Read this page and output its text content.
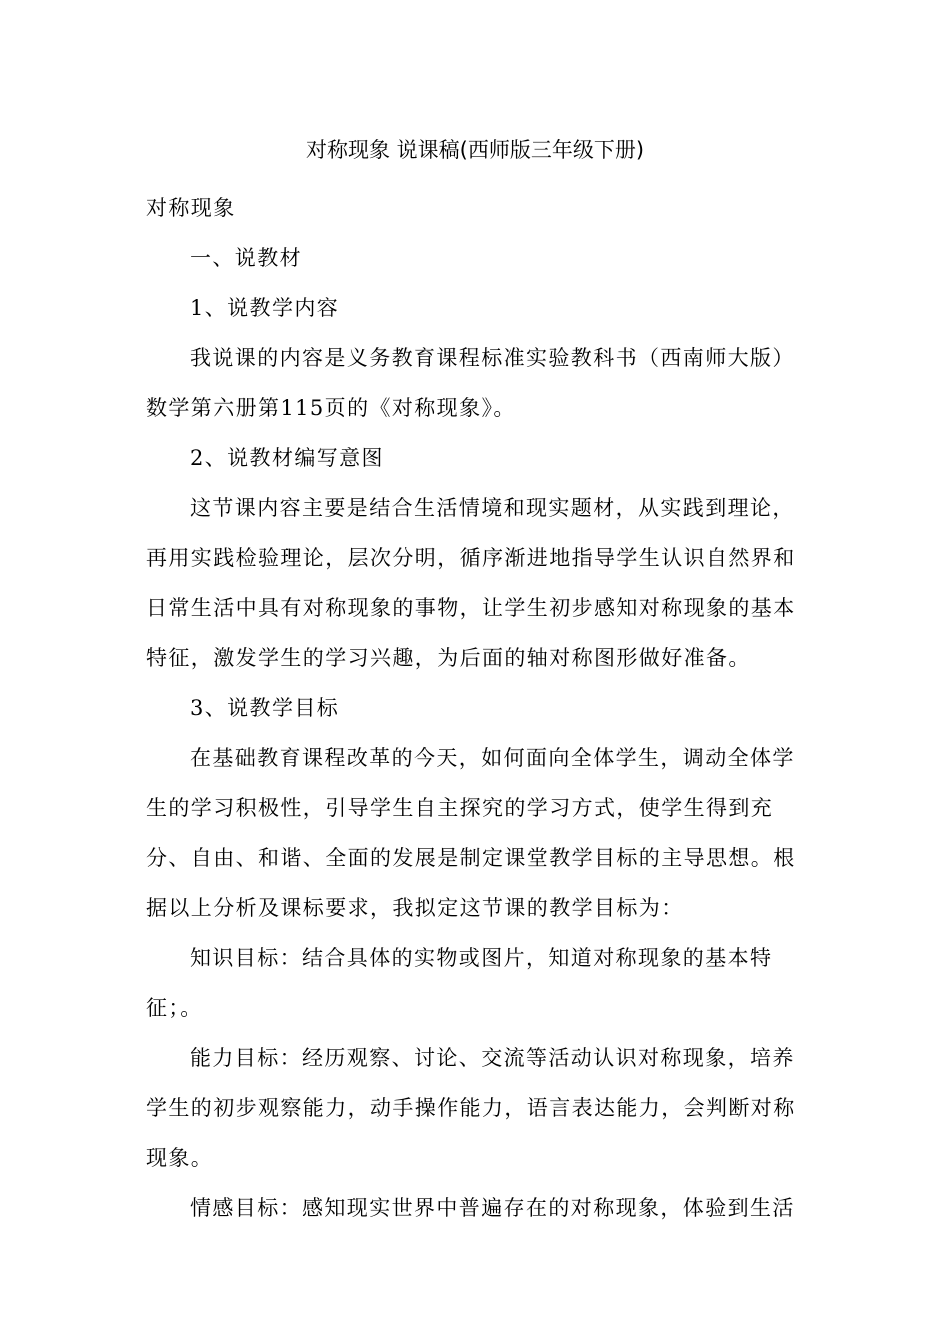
对称现象 说课稿(西师版三年级下册)
对称现象
一、说教材
1、说教学内容
我说课的内容是义务教育课程标准实验教科书（西南师大版）
数学第六册第115页的《对称现象》。
2、说教材编写意图
这节课内容主要是结合生活情境和现实题材，从实践到理论，
再用实践检验理论，层次分明，循序渐进地指导学生认识自然界和
日常生活中具有对称现象的事物，让学生初步感知对称现象的基本
特征，激发学生的学习兴趣，为后面的轴对称图形做好准备。
3、说教学目标
在基础教育课程改革的今天，如何面向全体学生，调动全体学
生的学习积极性，引导学生自主探究的学习方式，使学生得到充
分、自由、和谐、全面的发展是制定课堂教学目标的主导思想。根
据以上分析及课标要求，我拟定这节课的教学目标为：
知识目标：结合具体的实物或图片，知道对称现象的基本特
征；。
能力目标：经历观察、讨论、交流等活动认识对称现象，培养
学生的初步观察能力，动手操作能力，语言表达能力，会判断对称
现象。
情感目标：感知现实世界中普遍存在的对称现象，体验到生活
